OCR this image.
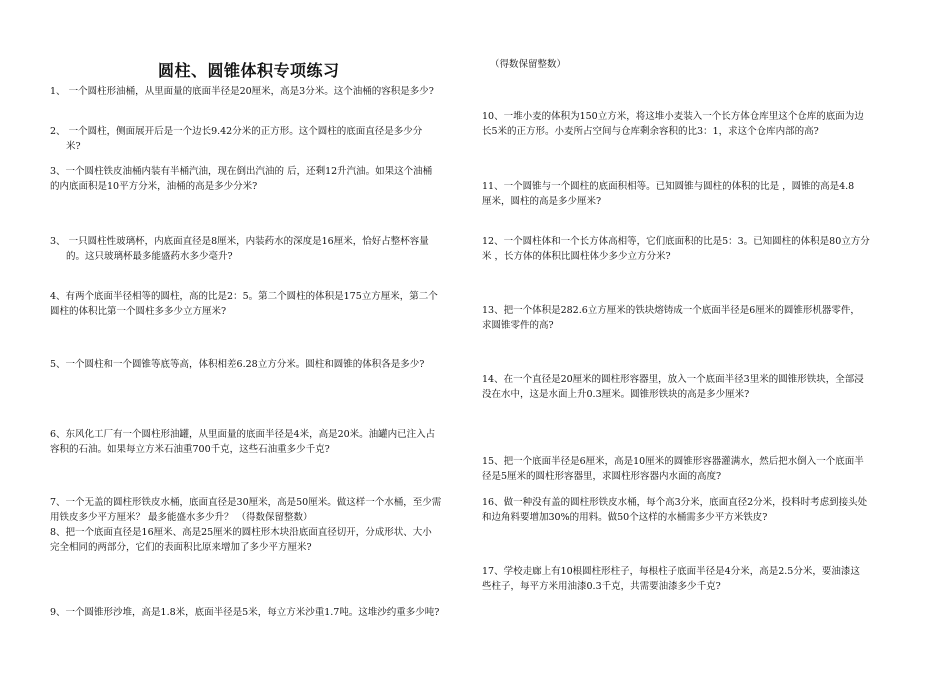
圆柱、圆锥体积专项练习	（得数保留整数）
1、 一个圆柱形油桶，从里面量的底面半径是20厘米，高是3分米。这个油桶的容积是多少?
2、 一个圆柱，侧面展开后是一个边长9.42分米的正方形。这个圆柱的底面直径是多少分
米?
3、一个圆柱铁皮油桶内装有半桶汽油，现在倒出汽油的 后，还剩12升汽油。如果这个油桶
的内底面积是10平方分米，油桶的高是多少分米?
3、 一只圆柱性玻璃杯，内底面直径是8厘米，内装药水的深度是16厘米，恰好占整杯容量
的。这只玻璃杯最多能盛药水多少毫升?
4、有两个底面半径相等的圆柱，高的比是2：5。第二个圆柱的体积是175立方厘米，第二个
圆柱的体积比第一个圆柱多多少立方厘米?
5、一个圆柱和一个圆锥等底等高，体积相差6.28立方分米。圆柱和圆锥的体积各是多少?
6、东风化工厂有一个圆柱形油罐，从里面量的底面半径是4米，高是20米。油罐内已注入占
容积的石油。如果每立方米石油重700千克，这些石油重多少千克?
7、一个无盖的圆柱形铁皮水桶，底面直径是30厘米，高是50厘米。做这样一个水桶，至少需
用铁皮多少平方厘米？ 最多能盛水多少升？ （得数保留整数）
8、把一个底面直径是16厘米、高是25厘米的圆柱形木块沿底面直径切开，分成形状、大小
完全相同的两部分，它们的表面积比原来增加了多少平方厘米?
9、一个圆锥形沙堆，高是1.8米，底面半径是5米，每立方米沙重1.7吨。这堆沙约重多少吨?
10、一堆小麦的体积为150立方米，将这堆小麦装入一个长方体仓库里这个仓库的底面为边
长5米的正方形。小麦所占空间与仓库剩余容积的比3：1，求这个仓库内部的高?
11、一个圆锥与一个圆柱的底面积相等。已知圆锥与圆柱的体积的比是 ，圆锥的高是4.8
厘米，圆柱的高是多少厘米?
12、一个圆柱体和一个长方体高相等，它们底面积的比是5：3。已知圆柱的体积是80立方分
米 ，长方体的体积比圆柱体少多少立方分米?
13、把一个体积是282.6立方厘米的铁块熔铸成一个底面半径是6厘米的圆锥形机器零件，
求圆锥零件的高?
14、在一个直径是20厘米的圆柱形容器里，放入一个底面半径3里米的圆锥形铁块，全部浸
没在水中，这是水面上升0.3厘米。圆锥形铁块的高是多少厘米?
15、把一个底面半径是6厘米，高是10厘米的圆锥形容器灌满水，然后把水倒入一个底面半
径是5厘米的圆柱形容器里，求圆柱形容器内水面的高度?
16、做一种没有盖的圆柱形铁皮水桶，每个高3分米，底面直径2分米，投料时考虑到接头处
和边角料要增加30%的用料。做50个这样的水桶需多少平方米铁皮?
17、学校走廊上有10根圆柱形柱子，每根柱子底面半径是4分米，高是2.5分米，要油漆这
些柱子，每平方米用油漆0.3千克，共需要油漆多少千克?
